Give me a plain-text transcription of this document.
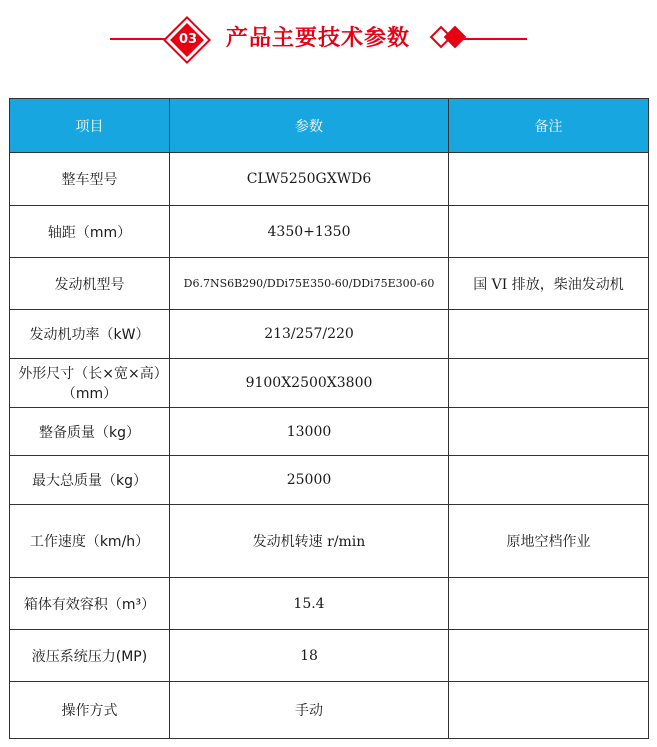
03	产品主要技术参数
项目	参数	备注
整车型号	CLW5250GXWD6	
轴距（mm）	4350+1350	
发动机型号	D6.7NS6B290/DDi75E350-60/DDi75E300-60	国 VI 排放，柴油发动机
发动机功率（kW）	213/257/220	
外形尺寸（长×宽×高）（mm）	9100X2500X3800	
整备质量（kg）	13000	
最大总质量（kg）	25000	
工作速度（km/h）	发动机转速 r/min	原地空档作业
箱体有效容积（m³）	15.4	
液压系统压力(MP)	18	
操作方式	手动	
